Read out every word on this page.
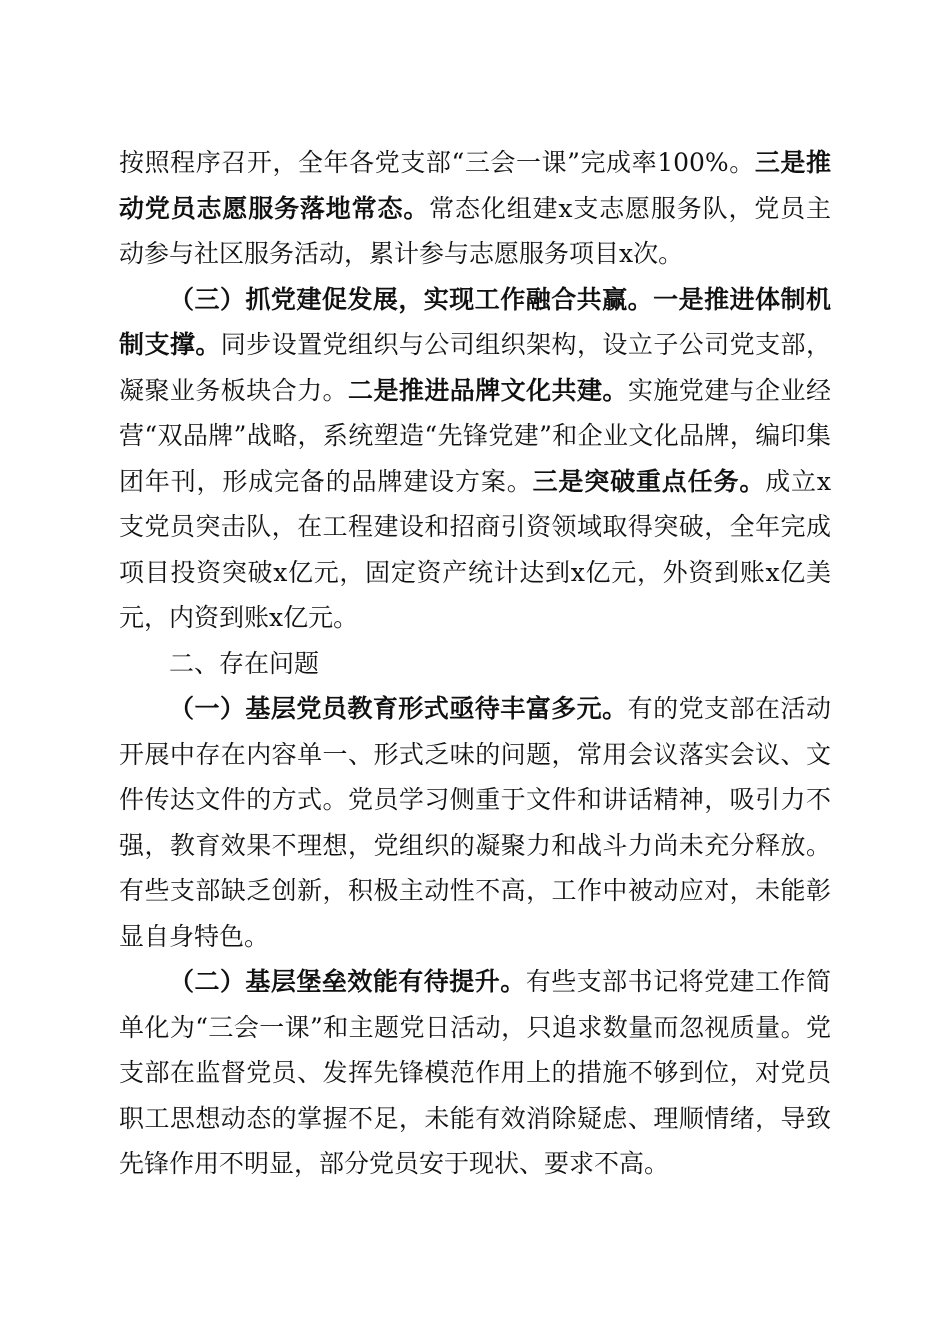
按照程序召开，全年各党支部“三会一课”完成率100%。三是推动党员志愿服务落地常态。常态化组建x支志愿服务队，党员主动参与社区服务活动，累计参与志愿服务项目x次。

（三）抓党建促发展，实现工作融合共赢。一是推进体制机制支撑。同步设置党组织与公司组织架构，设立子公司党支部，凝聚业务板块合力。二是推进品牌文化共建。实施党建与企业经营“双品牌”战略，系统塑造“先锋党建”和企业文化品牌，编印集团年刊，形成完备的品牌建设方案。三是突破重点任务。成立x支党员突击队，在工程建设和招商引资领域取得突破，全年完成项目投资突破x亿元，固定资产统计达到x亿元，外资到账x亿美元，内资到账x亿元。

二、存在问题

（一）基层党员教育形式亟待丰富多元。有的党支部在活动开展中存在内容单一、形式乏味的问题，常用会议落实会议、文件传达文件的方式。党员学习侧重于文件和讲话精神，吸引力不强，教育效果不理想，党组织的凝聚力和战斗力尚未充分释放。有些支部缺乏创新，积极主动性不高，工作中被动应对，未能彰显自身特色。

（二）基层堡垒效能有待提升。有些支部书记将党建工作简单化为“三会一课”和主题党日活动，只追求数量而忽视质量。党支部在监督党员、发挥先锋模范作用上的措施不够到位，对党员职工思想动态的掌握不足，未能有效消除疑虑、理顺情绪，导致先锋作用不明显，部分党员安于现状、要求不高。
